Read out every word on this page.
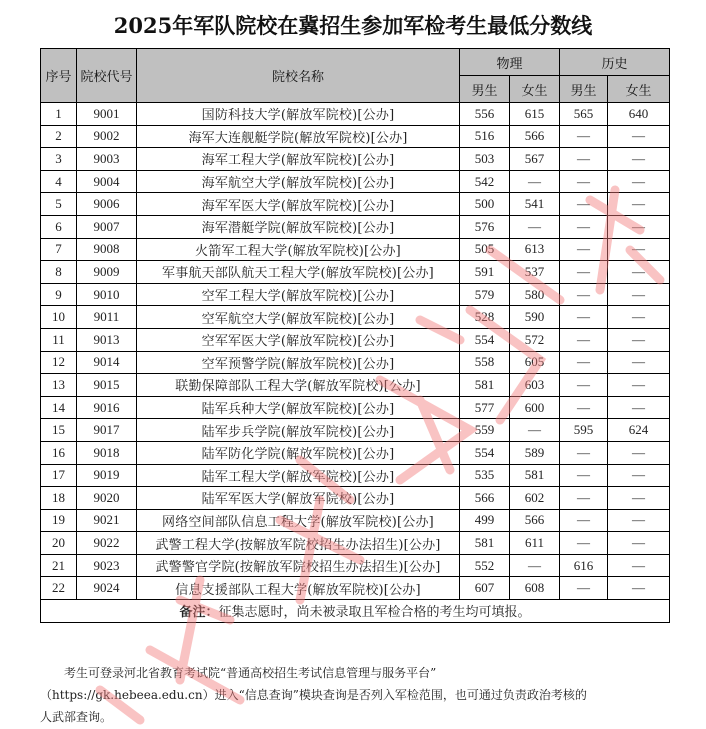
2025年军队院校在冀招生参加军检考生最低分数线
序号	院校代号	院校名称	物理		历史	
			男生	女生	男生	女生
1	9001	国防科技大学(解放军院校)[公办]	556	615	565	640
2	9002	海军大连舰艇学院(解放军院校)[公办]	516	566	—	—
3	9003	海军工程大学(解放军院校)[公办]	503	567	—	—
4	9004	海军航空大学(解放军院校)[公办]	542	—	—	—
5	9006	海军军医大学(解放军院校)[公办]	500	541	—	—
6	9007	海军潜艇学院(解放军院校)[公办]	576	—	—	—
7	9008	火箭军工程大学(解放军院校)[公办]	505	613	—	—
8	9009	军事航天部队航天工程大学(解放军院校)[公办]	591	537	—	—
9	9010	空军工程大学(解放军院校)[公办]	579	580	—	—
10	9011	空军航空大学(解放军院校)[公办]	528	590	—	—
11	9013	空军军医大学(解放军院校)[公办]	554	572	—	—
12	9014	空军预警学院(解放军院校)[公办]	558	605	—	—
13	9015	联勤保障部队工程大学(解放军院校)[公办]	581	603	—	—
14	9016	陆军兵种大学(解放军院校)[公办]	577	600	—	—
15	9017	陆军步兵学院(解放军院校)[公办]	559	—	595	624
16	9018	陆军防化学院(解放军院校)[公办]	554	589	—	—
17	9019	陆军工程大学(解放军院校)[公办]	535	581	—	—
18	9020	陆军军医大学(解放军院校)[公办]	566	602	—	—
19	9021	网络空间部队信息工程大学(解放军院校)[公办]	499	566	—	—
20	9022	武警工程大学(按解放军院校招生办法招生)[公办]	581	611	—	—
21	9023	武警警官学院(按解放军院校招生办法招生)[公办]	552	—	616	—
22	9024	信息支援部队工程大学(解放军院校)[公办]	607	608	—	—
备注：征集志愿时，尚未被录取且军检合格的考生均可填报。						
考生可登录河北省教育考试院“普通高校招生考试信息管理与服务平台”
（https://gk.hebeea.edu.cn）进入“信息查询”模块查询是否列入军检范围，也可通过负责政治考核的
人武部查询。
